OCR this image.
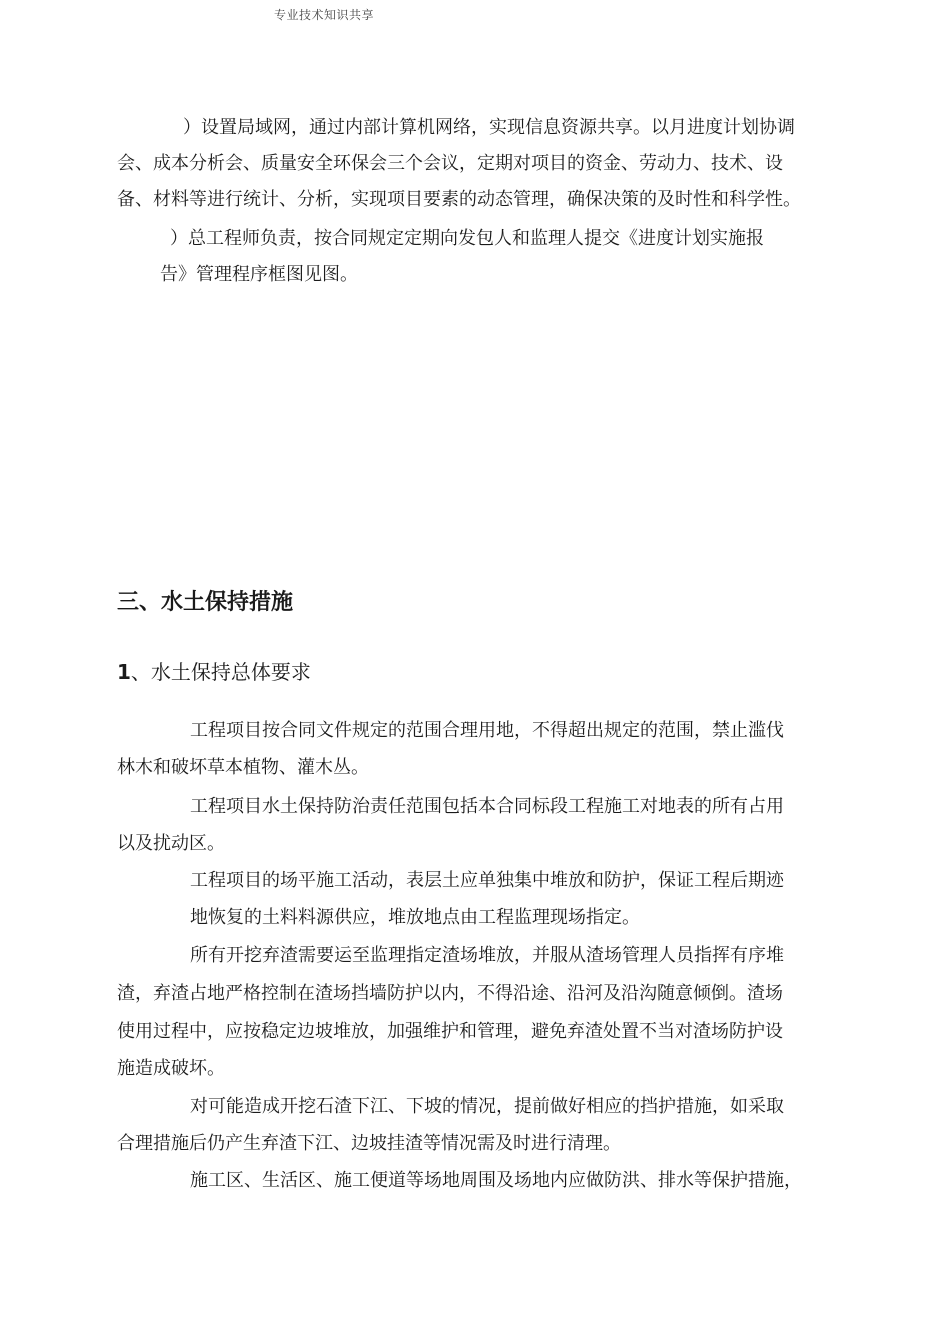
专业技术知识共享
）设置局域网，通过内部计算机网络，实现信息资源共享。以月进度计划协调
会、成本分析会、质量安全环保会三个会议，定期对项目的资金、劳动力、技术、设
备、材料等进行统计、分析，实现项目要素的动态管理，确保决策的及时性和科学性。
）总工程师负责，按合同规定定期向发包人和监理人提交《进度计划实施报
告》管理程序框图见图。
三、水土保持措施
1、水土保持总体要求
工程项目按合同文件规定的范围合理用地，不得超出规定的范围，禁止滥伐
林木和破坏草本植物、灌木丛。
工程项目水土保持防治责任范围包括本合同标段工程施工对地表的所有占用
以及扰动区。
工程项目的场平施工活动，表层土应单独集中堆放和防护，保证工程后期迹
地恢复的土料料源供应，堆放地点由工程监理现场指定。
所有开挖弃渣需要运至监理指定渣场堆放，并服从渣场管理人员指挥有序堆
渣，弃渣占地严格控制在渣场挡墙防护以内，不得沿途、沿河及沿沟随意倾倒。渣场
使用过程中，应按稳定边坡堆放，加强维护和管理，避免弃渣处置不当对渣场防护设
施造成破坏。
对可能造成开挖石渣下江、下坡的情况，提前做好相应的挡护措施，如采取
合理措施后仍产生弃渣下江、边坡挂渣等情况需及时进行清理。
施工区、生活区、施工便道等场地周围及场地内应做防洪、排水等保护措施，
